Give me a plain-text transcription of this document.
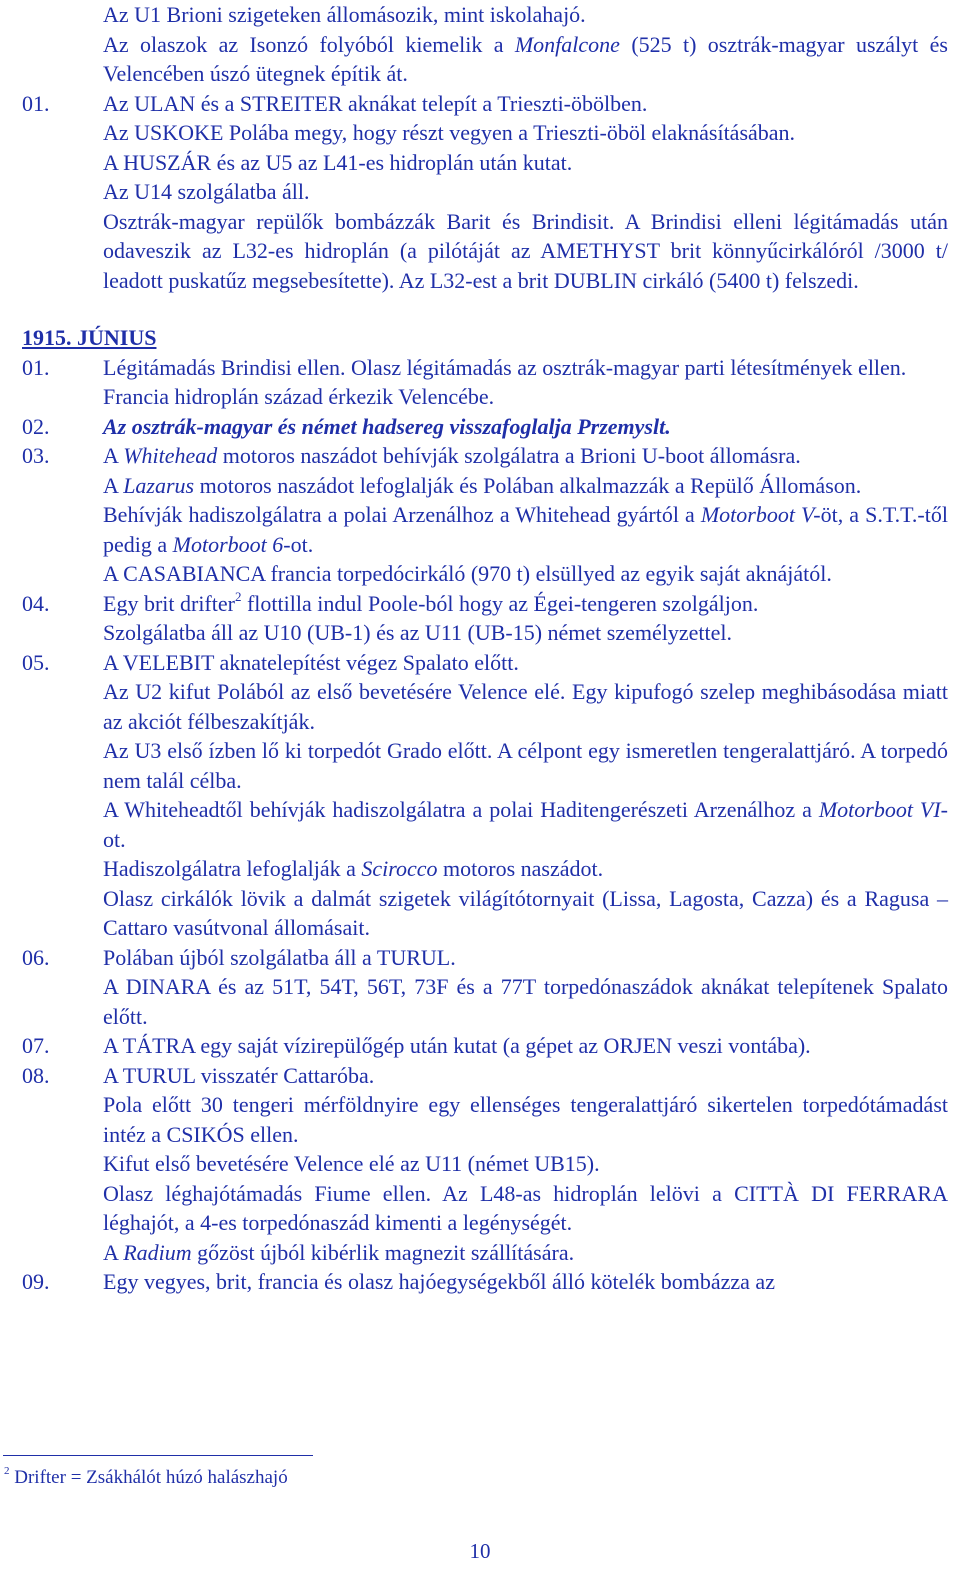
Az U1 Brioni szigeteken állomásozik, mint iskolahajó.
Az olaszok az Isonzó folyóból kiemelik a Monfalcone (525 t) osztrák-magyar uszályt és Velencében úszó ütegnek építik át.
01.	Az ULAN és a STREITER aknákat telepít a Trieszti-öbölben.
Az USKOKE Polába megy, hogy részt vegyen a Trieszti-öböl elaknásításában.
A HUSZÁR és az U5 az L41-es hidroplán után kutat.
Az U14 szolgálatba áll.
Osztrák-magyar repülők bombázzák Barit és Brindisit. A Brindisi elleni légitámadás után odaveszik az L32-es hidroplán (a pilótáját az AMETHYST brit könnyűcirkálóról /3000 t/ leadott puskatűz megsebesítette). Az L32-est a brit DUBLIN cirkáló (5400 t) felszedi.
1915. JÚNIUS
01.	Légitámadás Brindisi ellen. Olasz légitámadás az osztrák-magyar parti létesítmények ellen.
Francia hidroplán század érkezik Velencébe.
02.	Az osztrák-magyar és német hadsereg visszafoglalja Przemyslt.
03.	A Whitehead motoros naszádot behívják szolgálatra a Brioni U-boot állomásra.
A Lazarus motoros naszádot lefoglalják és Polában alkalmazzák a Repülő Állomáson.
Behívják hadiszolgálatra a polai Arzenálhoz a Whitehead gyártól a Motorboot V-öt, a S.T.T.-től pedig a Motorboot 6-ot.
A CASABIANCA francia torpedócirkáló (970 t) elsüllyed az egyik saját aknájától.
04.	Egy brit drifter$^2$ flottilla indul Poole-ból hogy az Égei-tengeren szolgáljon.
Szolgálatba áll az U10 (UB-1) és az U11 (UB-15) német személyzettel.
05.	A VELEBIT aknatelepítést végez Spalato előtt.
Az U2 kifut Polából az első bevetésére Velence elé. Egy kipufogó szelep meghibásodása miatt az akciót félbeszakítják.
Az U3 első ízben lő ki torpedót Grado előtt. A célpont egy ismeretlen tengeralattjáró. A torpedó nem talál célba.
A Whiteheadtől behívják hadiszolgálatra a polai Haditengerészeti Arzenálhoz a Motorboot VI-ot.
Hadiszolgálatra lefoglalják a Scirocco motoros naszádot.
Olasz cirkálók lövik a dalmát szigetek világítótornyait (Lissa, Lagosta, Cazza) és a Ragusa – Cattaro vasútvonal állomásait.
06.	Polában újból szolgálatba áll a TURUL.
A DINARA és az 51T, 54T, 56T, 73F és a 77T torpedónaszádok aknákat telepítenek Spalato előtt.
07.	A TÁTRA egy saját vízirepülőgép után kutat (a gépet az ORJEN veszi vontába).
08.	A TURUL visszatér Cattaróba.
Pola előtt 30 tengeri mérföldnyire egy ellenséges tengeralattjáró sikertelen torpedótámadást intéz a CSIKÓS ellen.
Kifut első bevetésére Velence elé az U11 (német UB15).
Olasz léghajótámadás Fiume ellen. Az L48-as hidroplán lelövi a CITTÀ DI FERRARA léghajót, a 4-es torpedónaszád kimenti a legénységét.
A Radium gőzöst újból kibérlik magnezit szállítására.
09.	Egy vegyes, brit, francia és olasz hajóegységekből álló kötelék bombázza az
$^2$ Drifter = Zsákhálót húzó halászhajó
10
